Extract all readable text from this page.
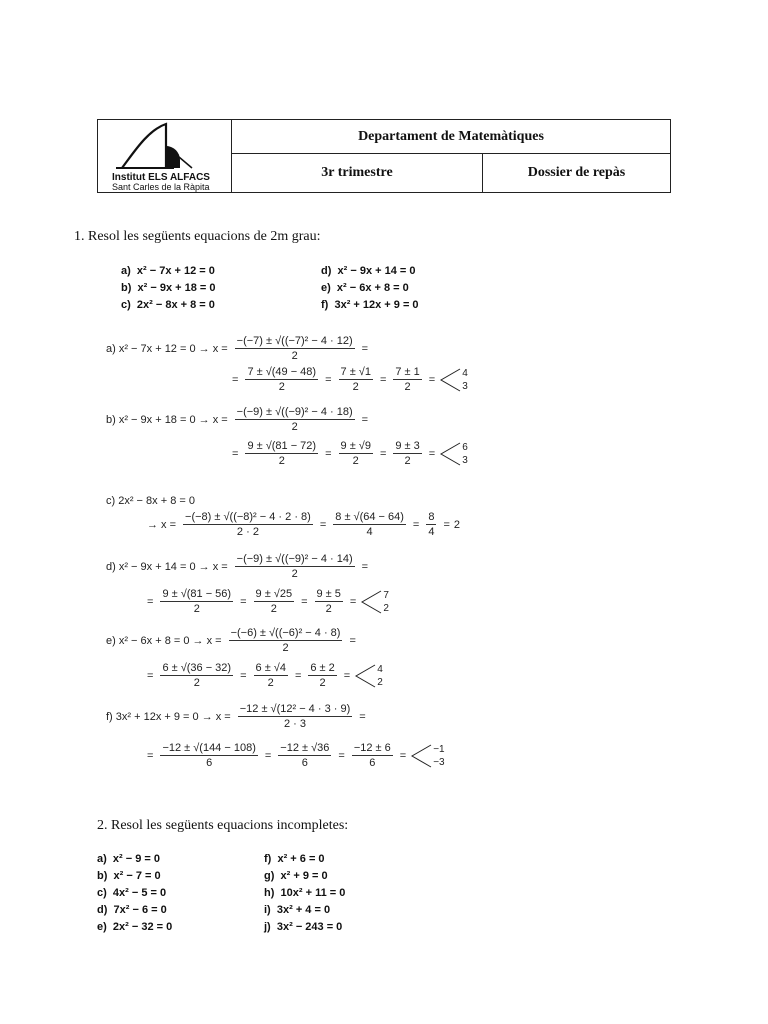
Institut ELS ALFACS
Sant Carles de la Ràpita
Departament de Matemàtiques
3r trimestre	Dossier de repàs
1. Resol les següents equacions de 2m grau:
a) x² − 7x + 12 = 0
b) x² − 9x + 18 = 0
c) 2x² − 8x + 8 = 0
d) x² − 9x + 14 = 0
e) x² − 6x + 8 = 0
f) 3x² + 12x + 9 = 0
a) $x^2 - 7x + 12 = 0 \to x = \frac{\text{−(−7) ± √((−7)² − 4 · 12)}}{2}$ =
= $\frac{7 \pm √(49 - 48)}{2} = \frac{7 \pm √1}{2} = \frac{7 \pm 1}{2}$ =
4
3
b) $x^2 - 9x + 18 = 0 \to x = \frac{\text{−(−9) ± √((−9)² − 4 · 18)}}{2}$ =
= $\frac{9 \pm √(81 - 72)}{2} = \frac{9 \pm √9}{2} = \frac{9 \pm 3}{2}$ =
6
3
c) 2x² − 8x + 8 = 0
→ $x = \frac{\text{−(−8) ± √((−8)² − 4 · 2 · 8)}}{2 \cdot 2} = \frac{8 \pm √(64 - 64)}{4} = \frac{8}{4} = 2$
d) $x^2 - 9x + 14 = 0 \to x = \frac{\text{−(−9) ± √((−9)² − 4 · 14)}}{2}$ =
= $\frac{9 \pm √(81 - 56)}{2} = \frac{9 \pm √25}{2} = \frac{9 \pm 5}{2}$ =
7
2
e) $x^2 - 6x + 8 = 0 \to x = \frac{\text{−(−6) ± √((−6)² − 4 · 8)}}{2}$ =
= $\frac{6 \pm √(36 - 32)}{2} = \frac{6 \pm √4}{2} = \frac{6 \pm 2}{2}$ =
4
2
f) $3x^2 + 12x + 9 = 0 \to x = \frac{\text{−12 ± √(12² − 4 · 3 · 9)}}{2 \cdot 3}$ =
= $\frac{-12 \pm √(144 - 108)}{6} = \frac{-12 \pm √36}{6} = \frac{-12 \pm 6}{6}$ =
−1
−3
2. Resol les següents equacions incompletes:
a) x² − 9 = 0
b) x² − 7 = 0
c) 4x² − 5 = 0
d) 7x² − 6 = 0
e) 2x² − 32 = 0
f) x² + 6 = 0
g) x² + 9 = 0
h) 10x² + 11 = 0
i) 3x² + 4 = 0
j) 3x² − 243 = 0
